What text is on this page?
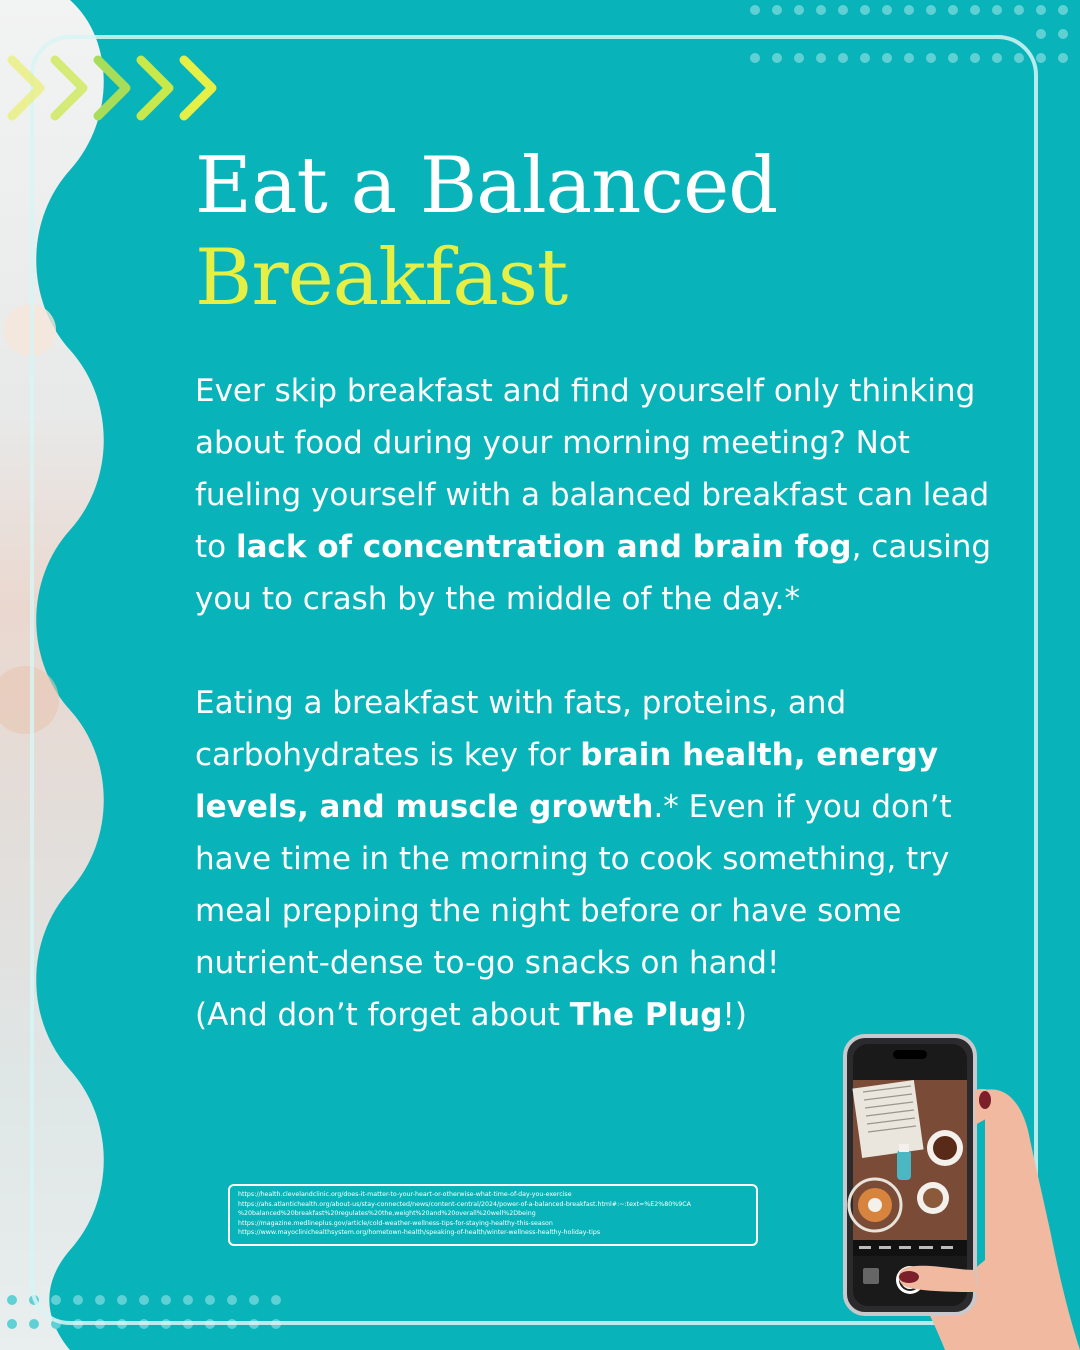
Eat a Balanced
Breakfast

Ever skip breakfast and find yourself only thinking about food during your morning meeting? Not fueling yourself with a balanced breakfast can lead to lack of concentration and brain fog, causing you to crash by the middle of the day.*

Eating a breakfast with fats, proteins, and carbohydrates is key for brain health, energy levels, and muscle growth.* Even if you don’t have time in the morning to cook something, try meal prepping the night before or have some nutrient-dense to-go snacks on hand!
(And don’t forget about The Plug!)

https://health.clevelandclinic.org/does-it-matter-to-your-heart-or-otherwise-what-time-of-day-you-exercise
https://ahs.atlantichealth.org/about-us/stay-connected/news/content-central/2024/power-of-a-balanced-breakfast.html#:~:text=%E2%80%9CA
%20balanced%20breakfast%20regulates%20the,weight%20and%20overall%20well%2Dbeing
https://magazine.medlineplus.gov/article/cold-weather-wellness-tips-for-staying-healthy-this-season
https://www.mayoclinichealthsystem.org/hometown-health/speaking-of-health/winter-wellness-healthy-holiday-tips
